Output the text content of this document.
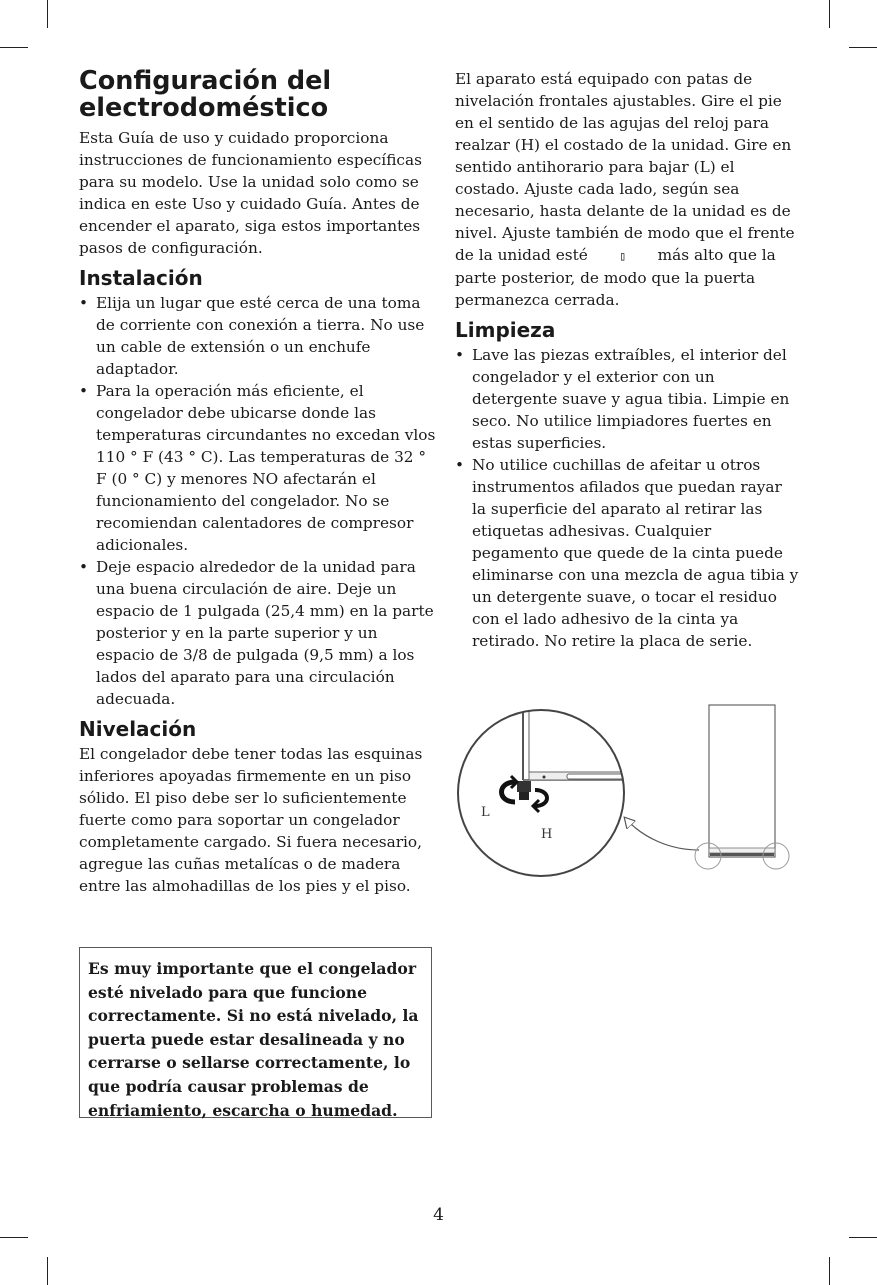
Configuración del electrodoméstico

Esta Guía de uso y cuidado proporciona instrucciones de funcionamiento específicas para su modelo. Use la unidad solo como se indica en este Uso y cuidado Guía. Antes de encender el aparato, siga estos importantes pasos de configuración.

Instalación
• Elija un lugar que esté cerca de una toma de corriente con conexión a tierra. No use un cable de extensión o un enchufe adaptador.
• Para la operación más eficiente, el congelador debe ubicarse donde las temperaturas circundantes no excedan vlos 110 ° F (43 ° C). Las temperaturas de 32 ° F (0 ° C) y menores NO afectarán el funcionamiento del congelador. No se recomiendan calentadores de compresor adicionales.
• Deje espacio alrededor de la unidad para una buena circulación de aire. Deje un espacio de 1 pulgada (25,4 mm) en la parte posterior y en la parte superior y un espacio de 3/8 de pulgada (9,5 mm) a los lados del aparato para una circulación adecuada.
Nivelación

El congelador debe tener todas las esquinas inferiores apoyadas firmemente en un piso sólido. El piso debe ser lo suficientemente fuerte como para soportar un congelador completamente cargado. Si fuera necesario, agregue las cuñas metalícas o de madera entre las almohadillas de los pies y el piso.

Es muy importante que el congelador esté nivelado para que funcione correctamente. Si no está nivelado, la puerta puede estar desalineada y no cerrarse o sellarse correctamente, lo que podría causar problemas de enfriamiento, escarcha o humedad.

El aparato está equipado con patas de nivelación frontales ajustables. Gire el pie en el sentido de las agujas del reloj para realzar (H) el costado de la unidad. Gire en sentido antihorario para bajar (L) el costado. Ajuste cada lado, según sea necesario, hasta delante de la unidad es de nivel. Ajuste también de modo que el frente de la unidad esté	▯ más alto que la parte posterior, de modo que la puerta permanezca cerrada.

Limpieza
• Lave las piezas extraíbles, el interior del congelador y el exterior con un detergente suave y agua tibia. Limpie en seco. No utilice limpiadores fuertes en estas superficies.
• No utilice cuchillas de afeitar u otros instrumentos afilados que puedan rayar la superficie del aparato al retirar las etiquetas adhesivas. Cualquier pegamento que quede de la cinta puede eliminarse con una mezcla de agua tibia y un detergente suave, o tocar el residuo con el lado adhesivo de la cinta ya retirado. No retire la placa de serie.
L
H
4
